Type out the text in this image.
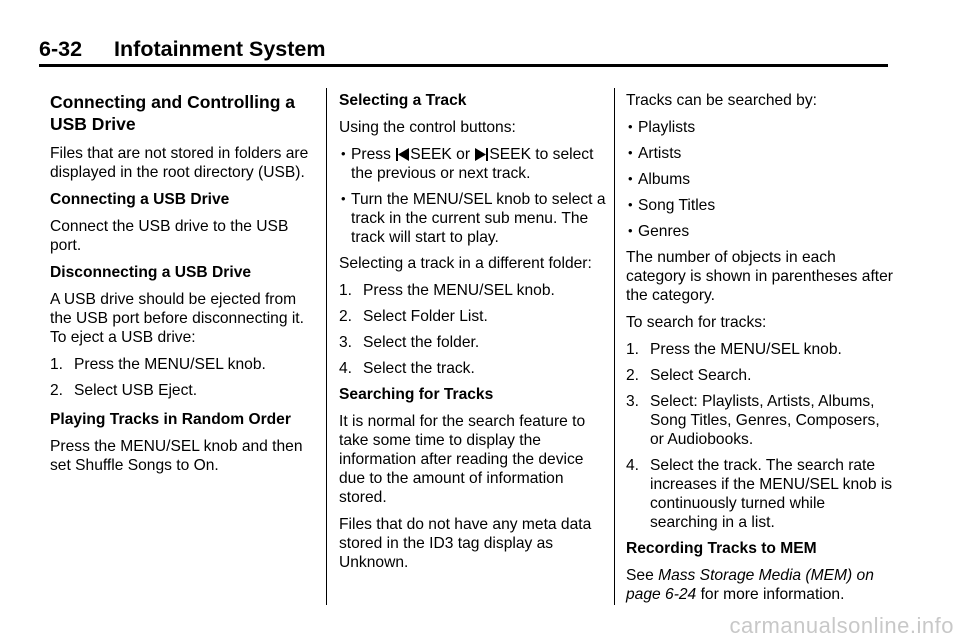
6-32 Infotainment System
Connecting and Controlling a USB Drive

Files that are not stored in folders are displayed in the root directory (USB).

Connecting a USB Drive

Connect the USB drive to the USB port.

Disconnecting a USB Drive

A USB drive should be ejected from the USB port before disconnecting it. To eject a USB drive:

1. Press the MENU/SEL knob.
2. Select USB Eject.
Playing Tracks in Random Order

Press the MENU/SEL knob and then set Shuffle Songs to On.

Selecting a Track

Using the control buttons:

• Press SEEK or SEEK to select the previous or next track.
• Turn the MENU/SEL knob to select a track in the current sub menu. The track will start to play.

Selecting a track in a different folder:

1. Press the MENU/SEL knob.
2. Select Folder List.
3. Select the folder.
4. Select the track.
Searching for Tracks

It is normal for the search feature to take some time to display the information after reading the device due to the amount of information stored.

Files that do not have any meta data stored in the ID3 tag display as Unknown.

Tracks can be searched by:

• Playlists
• Artists
• Albums
• Song Titles
• Genres

The number of objects in each category is shown in parentheses after the category.

To search for tracks:

1. Press the MENU/SEL knob.
2. Select Search.
3. Select: Playlists, Artists, Albums, Song Titles, Genres, Composers, or Audiobooks.
4. Select the track. The search rate increases if the MENU/SEL knob is continuously turned while searching in a list.
Recording Tracks to MEM

See Mass Storage Media (MEM) on page 6-24 for more information.

carmanualsonline.info
